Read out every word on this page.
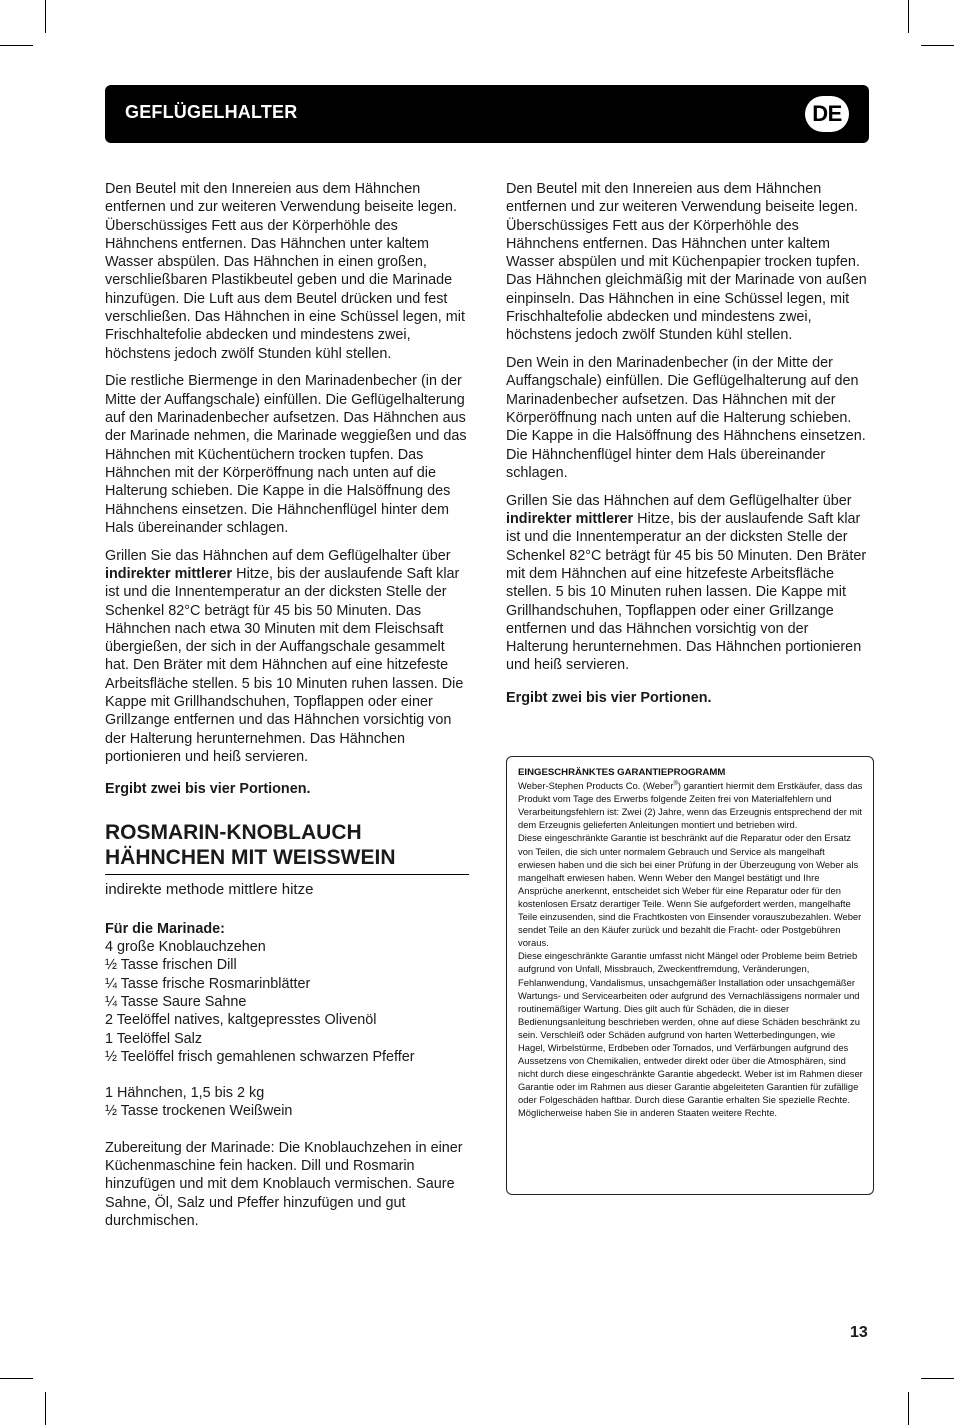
GEFLÜGELHALTER	DE

Den Beutel mit den Innereien aus dem Hähnchen entfernen und zur weiteren Verwendung beiseite legen. Überschüssiges Fett aus der Körperhöhle des Hähnchens entfernen. Das Hähnchen unter kaltem Wasser abspülen. Das Hähnchen in einen großen, verschließbaren Plastikbeutel geben und die Marinade hinzufügen. Die Luft aus dem Beutel drücken und fest verschließen. Das Hähnchen in eine Schüssel legen, mit Frischhaltefolie abdecken und mindestens zwei, höchstens jedoch zwölf Stunden kühl stellen.

Die restliche Biermenge in den Marinadenbecher (in der Mitte der Auffangschale) einfüllen. Die Geflügelhalterung auf den Marinadenbecher aufsetzen. Das Hähnchen aus der Marinade nehmen, die Marinade weggießen und das Hähnchen mit Küchentüchern trocken tupfen. Das Hähnchen mit der Körperöffnung nach unten auf die Halterung schieben. Die Kappe in die Halsöffnung des Hähnchens einsetzen. Die Hähnchenflügel hinter dem Hals übereinander schlagen.

Grillen Sie das Hähnchen auf dem Geflügelhalter über indirekter mittlerer Hitze, bis der auslaufende Saft klar ist und die Innentemperatur an der dicksten Stelle der Schenkel 82°C beträgt für 45 bis 50 Minuten. Das Hähnchen nach etwa 30 Minuten mit dem Fleischsaft übergießen, der sich in der Auffangschale gesammelt hat. Den Bräter mit dem Hähnchen auf eine hitzefeste Arbeitsfläche stellen. 5 bis 10 Minuten ruhen lassen. Die Kappe mit Grillhandschuhen, Topflappen oder einer Grillzange entfernen und das Hähnchen vorsichtig von der Halterung herunternehmen. Das Hähnchen portionieren und heiß servieren.

Ergibt zwei bis vier Portionen.

ROSMARIN-KNOBLAUCH
HÄHNCHEN MIT WEISSWEIN
indirekte methode mittlere hitze
Für die Marinade:
4 große Knoblauchzehen
½ Tasse frischen Dill
¼ Tasse frische Rosmarinblätter
¼ Tasse Saure Sahne
2 Teelöffel natives, kaltgepresstes Olivenöl
1 Teelöffel Salz
½ Teelöffel frisch gemahlenen schwarzen Pfeffer
1 Hähnchen, 1,5 bis 2 kg
½ Tasse trockenen Weißwein

Zubereitung der Marinade: Die Knoblauchzehen in einer Küchenmaschine fein hacken. Dill und Rosmarin hinzufügen und mit dem Knoblauch vermischen. Saure Sahne, Öl, Salz und Pfeffer hinzufügen und gut durchmischen.

Den Beutel mit den Innereien aus dem Hähnchen entfernen und zur weiteren Verwendung beiseite legen. Überschüssiges Fett aus der Körperhöhle des Hähnchens entfernen. Das Hähnchen unter kaltem Wasser abspülen und mit Küchenpapier trocken tupfen. Das Hähnchen gleichmäßig mit der Marinade von außen einpinseln. Das Hähnchen in eine Schüssel legen, mit Frischhaltefolie abdecken und mindestens zwei, höchstens jedoch zwölf Stunden kühl stellen.

Den Wein in den Marinadenbecher (in der Mitte der Auffangschale) einfüllen. Die Geflügelhalterung auf den Marinadenbecher aufsetzen. Das Hähnchen mit der Körperöffnung nach unten auf die Halterung schieben. Die Kappe in die Halsöffnung des Hähnchens einsetzen. Die Hähnchenflügel hinter dem Hals übereinander schlagen.

Grillen Sie das Hähnchen auf dem Geflügelhalter über indirekter mittlerer Hitze, bis der auslaufende Saft klar ist und die Innentemperatur an der dicksten Stelle der Schenkel 82°C beträgt für 45 bis 50 Minuten. Den Bräter mit dem Hähnchen auf eine hitzefeste Arbeitsfläche stellen. 5 bis 10 Minuten ruhen lassen. Die Kappe mit Grillhandschuhen, Topflappen oder einer Grillzange entfernen und das Hähnchen vorsichtig von der Halterung herunternehmen. Das Hähnchen portionieren und heiß servieren.

Ergibt zwei bis vier Portionen.

EINGESCHRÄNKTES GARANTIEPROGRAMM
Weber-Stephen Products Co. (Weber®) garantiert hiermit dem Erstkäufer, dass das Produkt vom Tage des Erwerbs folgende Zeiten frei von Materialfehlern und Verarbeitungsfehlern ist: Zwei (2) Jahre, wenn das Erzeugnis entsprechend der mit dem Erzeugnis gelieferten Anleitungen montiert und betrieben wird.
Diese eingeschränkte Garantie ist beschränkt auf die Reparatur oder den Ersatz von Teilen, die sich unter normalem Gebrauch und Service als mangelhaft erwiesen haben und die sich bei einer Prüfung in der Überzeugung von Weber als mangelhaft erwiesen haben. Wenn Weber den Mangel bestätigt und Ihre Ansprüche anerkennt, entscheidet sich Weber für eine Reparatur oder für den kostenlosen Ersatz derartiger Teile. Wenn Sie aufgefordert werden, mangelhafte Teile einzusenden, sind die Frachtkosten von Einsender vorauszubezahlen. Weber sendet Teile an den Käufer zurück und bezahlt die Fracht- oder Postgebühren voraus.
Diese eingeschränkte Garantie umfasst nicht Mängel oder Probleme beim Betrieb aufgrund von Unfall, Missbrauch, Zweckentfremdung, Veränderungen, Fehlanwendung, Vandalismus, unsachgemäßer Installation oder unsachgemäßer Wartungs- und Servicearbeiten oder aufgrund des Vernachlässigens normaler und routinemäßiger Wartung. Dies gilt auch für Schäden, die in dieser Bedienungsanleitung beschrieben werden, ohne auf diese Schäden beschränkt zu sein. Verschleiß oder Schäden aufgrund von harten Wetterbedingungen, wie Hagel, Wirbelstürme, Erdbeben oder Tornados, und Verfärbungen aufgrund des Aussetzens von Chemikalien, entweder direkt oder über die Atmosphären, sind nicht durch diese eingeschränkte Garantie abgedeckt. Weber ist im Rahmen dieser Garantie oder im Rahmen aus dieser Garantie abgeleiteten Garantien für zufällige oder Folgeschäden haftbar. Durch diese Garantie erhalten Sie spezielle Rechte. Möglicherweise haben Sie in anderen Staaten weitere Rechte.
13
